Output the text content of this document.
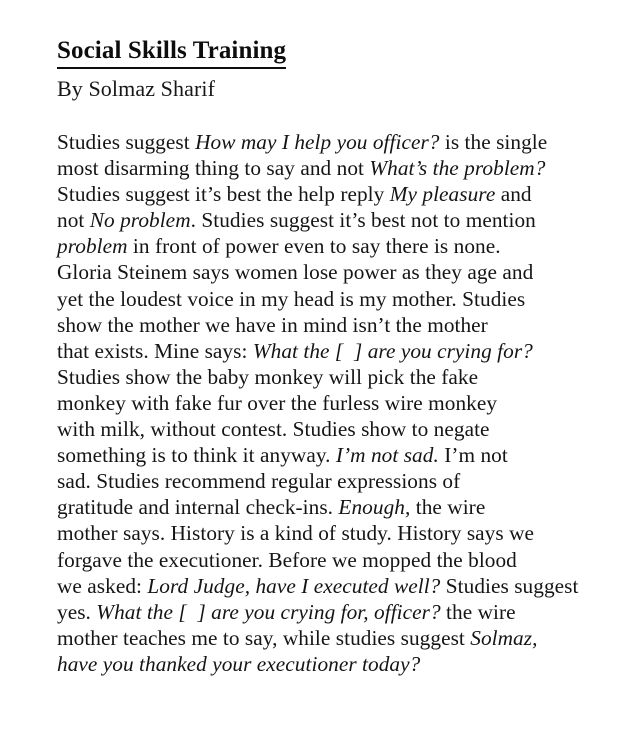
Social Skills Training

By Solmaz Sharif

Studies suggest How may I help you officer? is the single
most disarming thing to say and not What’s the problem?
Studies suggest it’s best the help reply My pleasure and
not No problem. Studies suggest it’s best not to mention
problem in front of power even to say there is none.
Gloria Steinem says women lose power as they age and
yet the loudest voice in my head is my mother. Studies
show the mother we have in mind isn’t the mother
that exists. Mine says: What the [  ] are you crying for?
Studies show the baby monkey will pick the fake
monkey with fake fur over the furless wire monkey
with milk, without contest. Studies show to negate
something is to think it anyway. I’m not sad. I’m not
sad. Studies recommend regular expressions of
gratitude and internal check-ins. Enough, the wire
mother says. History is a kind of study. History says we
forgave the executioner. Before we mopped the blood
we asked: Lord Judge, have I executed well? Studies suggest
yes. What the [  ] are you crying for, officer? the wire
mother teaches me to say, while studies suggest Solmaz,
have you thanked your executioner today?
